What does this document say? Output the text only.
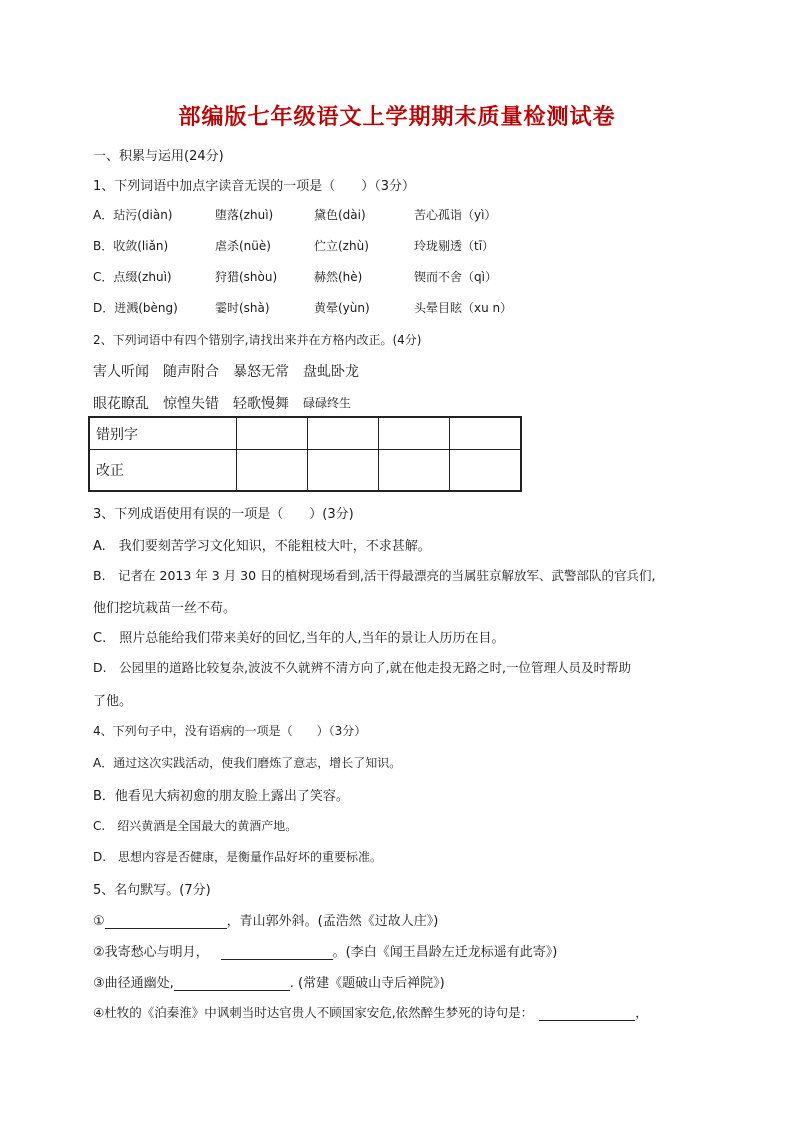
部编版七年级语文上学期期末质量检测试卷
一、积累与运用(24分)
1、下列词语中加点字读音无误的一项是（　　）（3分）
A．玷污(diàn)	堕落(zhuì)	黛色(dài)	苦心孤诣（yì）
B．收敛(liǎn)	虐杀(nüè)	伫立(zhù)	玲珑剔透（tī）
C．点缀(zhuì)	狩猎(shòu)	赫然(hè)	锲而不舍（qì）
D．迸溅(bèng)	霎时(shà)	黄晕(yùn)	头晕目眩（xu n）
2、下列词语中有四个错别字,请找出来并在方格内改正。(4分)
害人听闻 随声附合 暴怒无常 盘虬卧龙
眼花瞭乱 惊惶失错 轻歌慢舞 碌碌终生
错别字				
改正				
3、下列成语使用有误的一项是（　　）(3分)
A.　我们要刻苦学习文化知识，不能粗枝大叶，不求甚解。
B.　记者在 2013 年 3 月 30 日的植树现场看到,活干得最漂亮的当属驻京解放军、武警部队的官兵们,
他们挖坑栽苗一丝不苟。
C.　照片总能给我们带来美好的回忆,当年的人,当年的景让人历历在目。
D.　公园里的道路比较复杂,波波不久就辨不清方向了,就在他走投无路之时,一位管理人员及时帮助
了他。
4、下列句子中，没有语病的一项是（　　）（3分）
A．通过这次实践活动，使我们磨炼了意志，增长了知识。
B．他看见大病初愈的朋友脸上露出了笑容。
C.　绍兴黄酒是全国最大的黄酒产地。
D.　思想内容是否健康，是衡量作品好坏的重要标准。
5、名句默写。(7分)
①	，青山郭外斜。(孟浩然《过故人庄》)
②我寄愁心与明月，	。(李白《闻王昌龄左迁龙标遥有此寄》)
③曲径通幽处,	. (常建《题破山寺后禅院》)
④杜牧的《泊秦淮》中讽刺当时达官贵人不顾国家安危,依然醉生梦死的诗句是：	，
